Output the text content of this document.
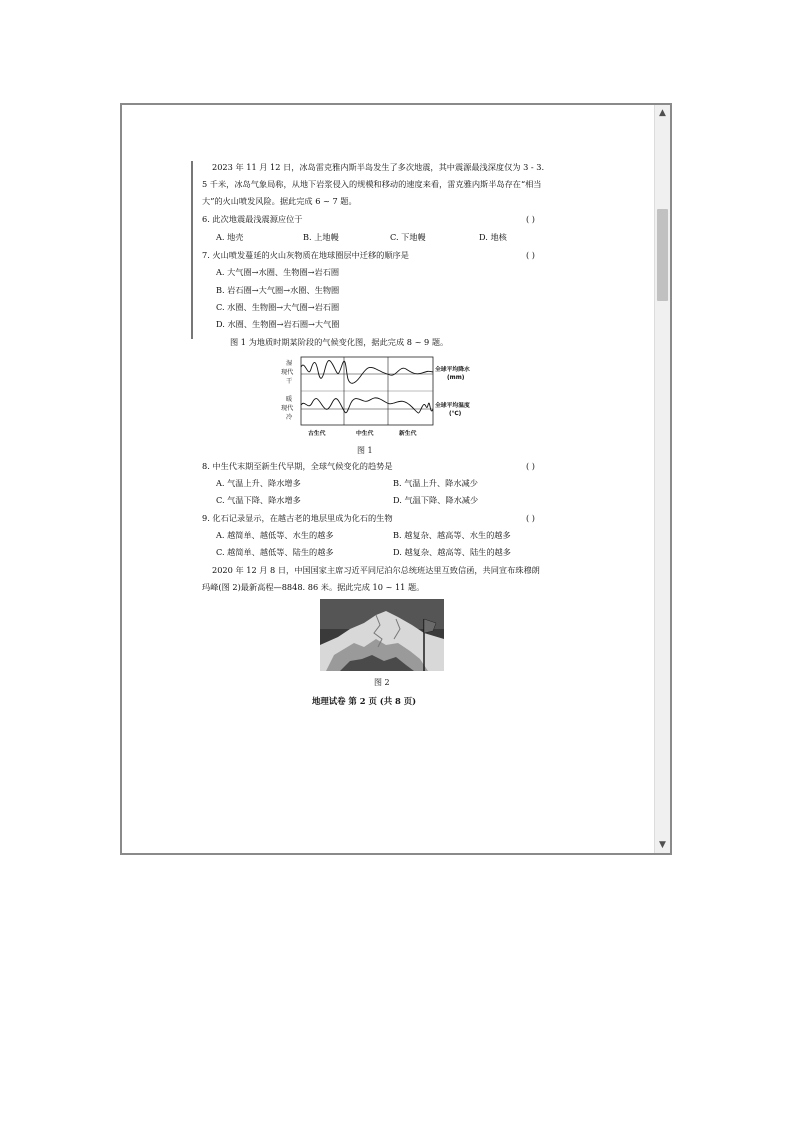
2023 年 11 月 12 日，冰岛雷克雅内斯半岛发生了多次地震，其中震源最浅深度仅为 3 - 3.
5 千米，冰岛气象局称，从地下岩浆侵入的规模和移动的速度来看，雷克雅内斯半岛存在“相当
大”的火山喷发风险。据此完成 6 ~ 7 题。
6. 此次地震最浅震源应位于	( )
A. 地壳	B. 上地幔	C. 下地幔	D. 地核
7. 火山喷发蔓延的火山灰物质在地球圈层中迁移的顺序是	( )
A. 大气圈→水圈、生物圈→岩石圈
B. 岩石圈→大气圈→水圈、生物圈
C. 水圈、生物圈→大气圈→岩石圈
D. 水圈、生物圈→岩石圈→大气圈
图 1 为地质时期某阶段的气候变化图，据此完成 8 ~ 9 题。
湿
现代
干
暖
现代
冷
全球平均降水
(mm)
全球平均温度
(℃)
古生代	中生代	新生代
图 1
8. 中生代末期至新生代早期，全球气候变化的趋势是	( )
A. 气温上升、降水增多	B. 气温上升、降水减少
C. 气温下降、降水增多	D. 气温下降、降水减少
9. 化石记录显示，在越古老的地层里成为化石的生物	( )
A. 越简单、越低等、水生的越多	B. 越复杂、越高等、水生的越多
C. 越简单、越低等、陆生的越多	D. 越复杂、越高等、陆生的越多
2020 年 12 月 8 日，中国国家主席习近平同尼泊尔总统班达里互致信函，共同宣布珠穆朗
玛峰(图 2)最新高程—8848. 86 米。据此完成 10 ~ 11 题。
图 2
地理试卷 第 2 页 (共 8 页)
▲
▼
